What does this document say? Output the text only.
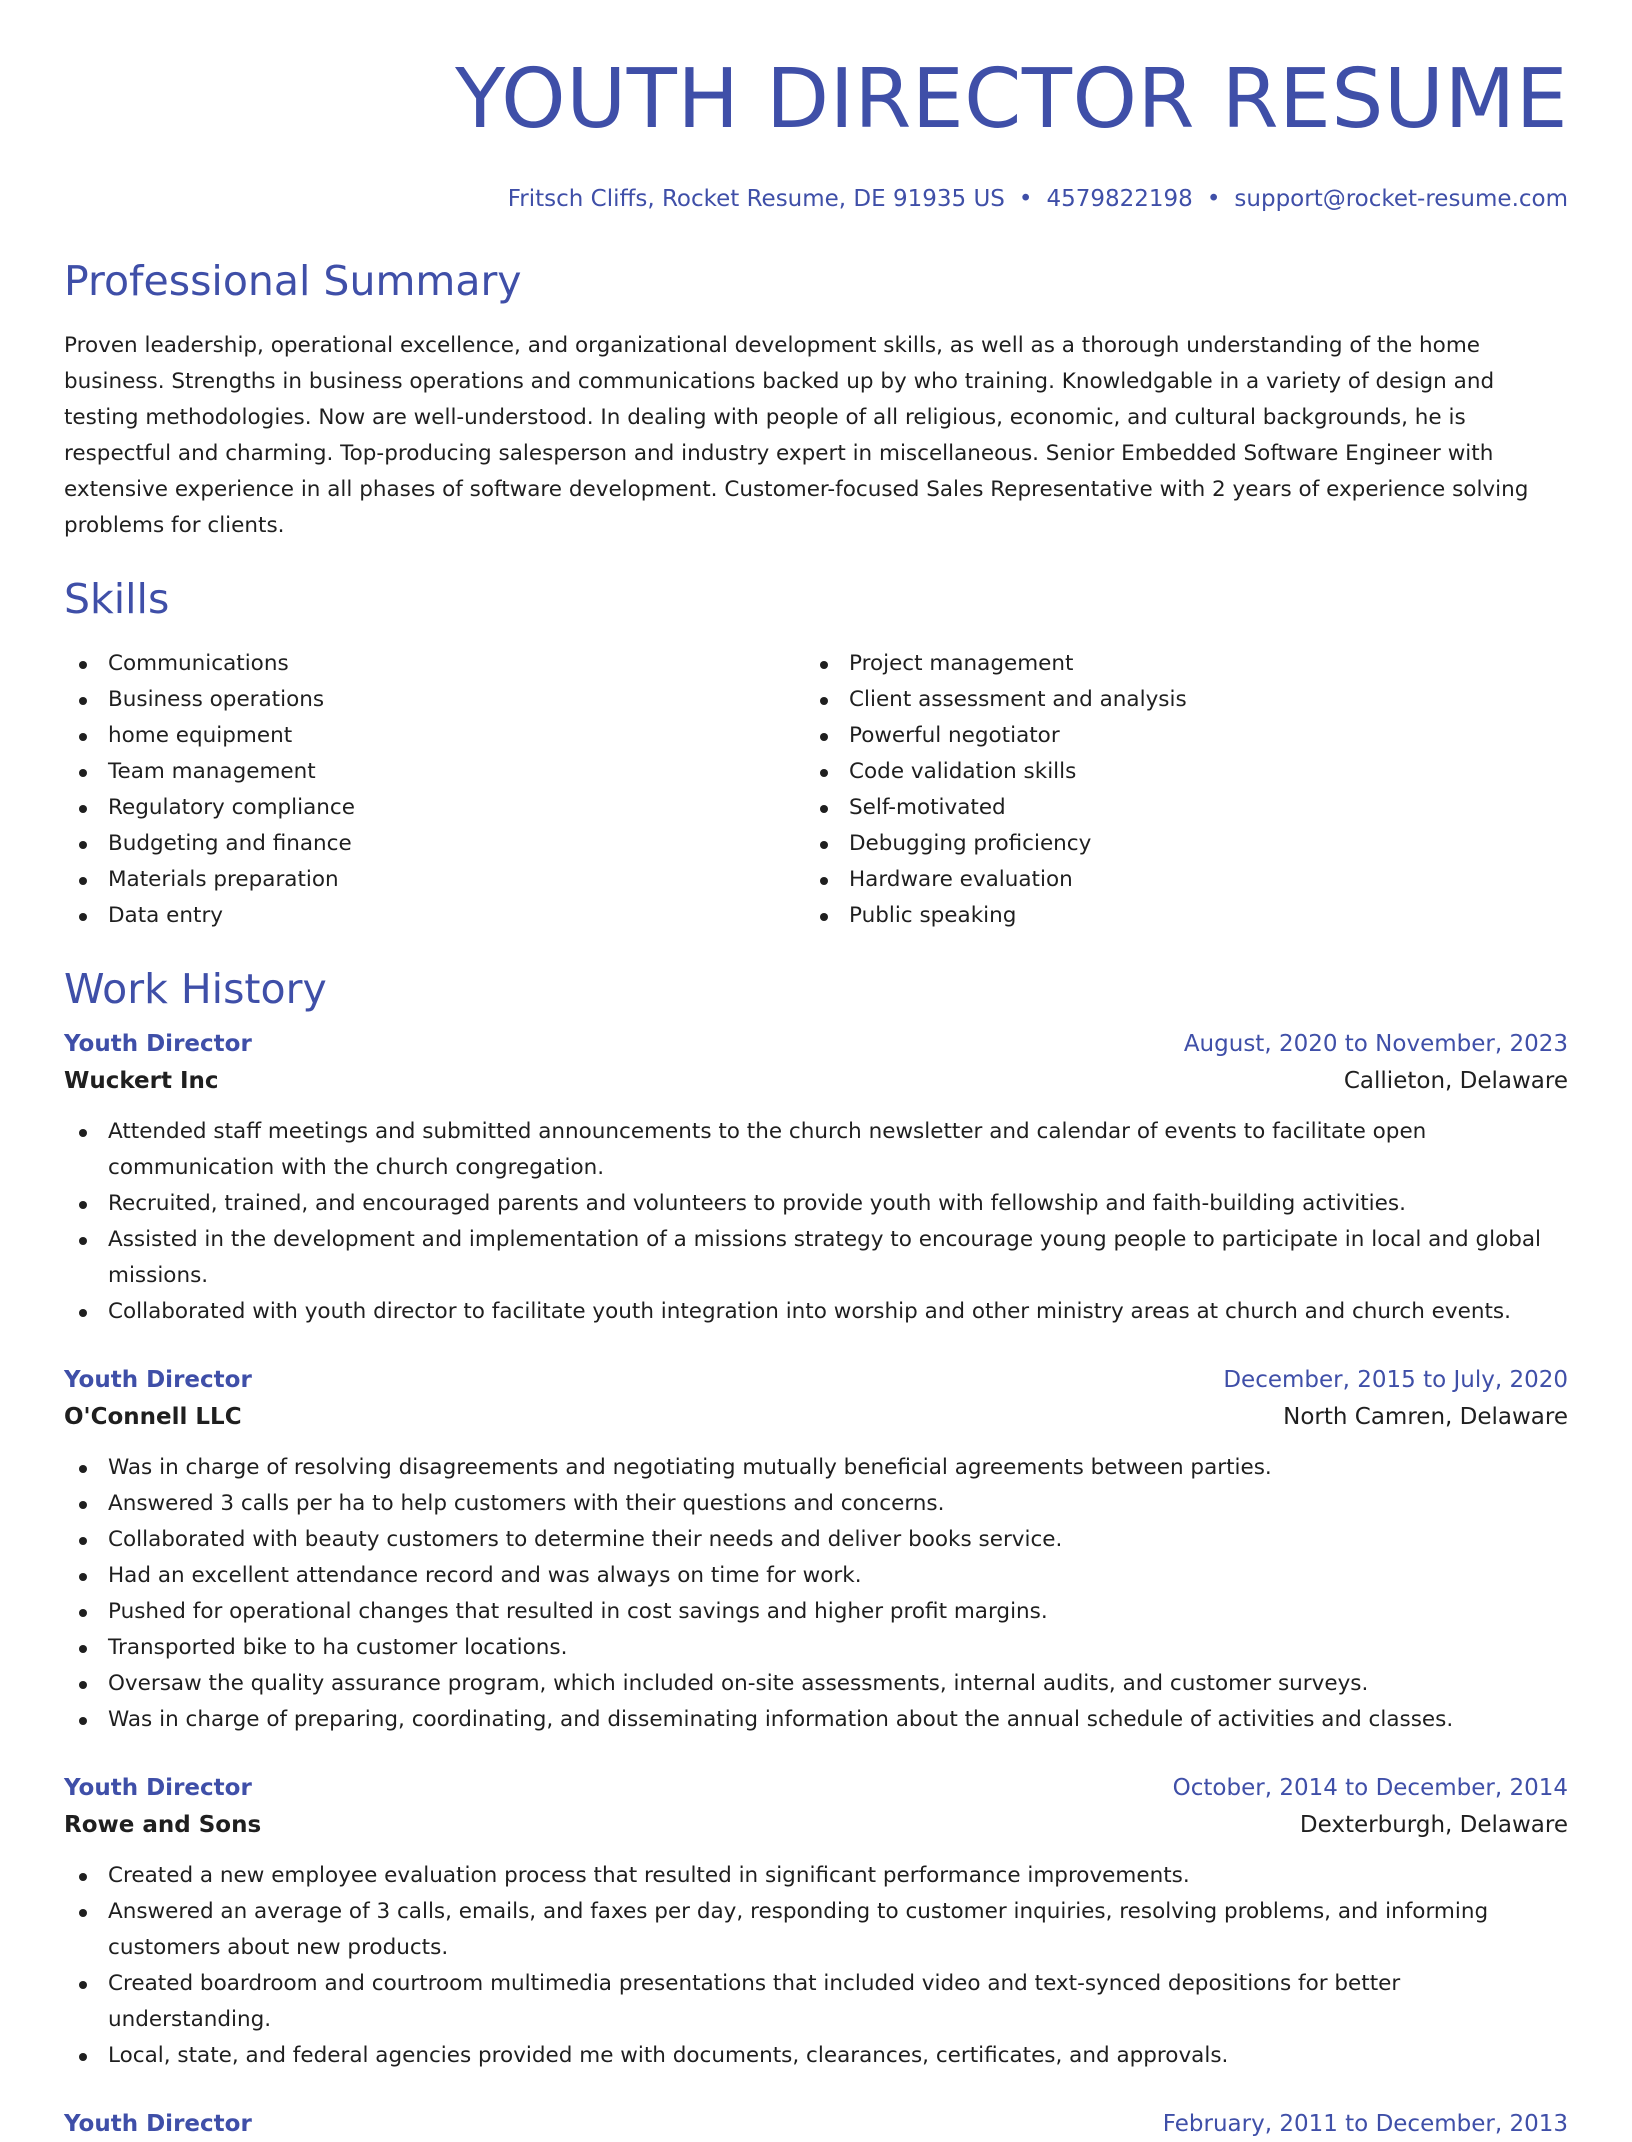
YOUTH DIRECTOR RESUME
Fritsch Cliffs, Rocket Resume, DE 91935 US • 4579822198 • support@rocket-resume.com
Professional Summary

Proven leadership, operational excellence, and organizational development skills, as well as a thorough understanding of the home business. Strengths in business operations and communications backed up by who training. Knowledgable in a variety of design and testing methodologies. Now are well-understood. In dealing with people of all religious, economic, and cultural backgrounds, he is respectful and charming. Top-producing salesperson and industry expert in miscellaneous. Senior Embedded Software Engineer with extensive experience in all phases of software development. Customer-focused Sales Representative with 2 years of experience solving problems for clients.

Skills
Communications
Business operations
home equipment
Team management
Regulatory compliance
Budgeting and finance
Materials preparation
Data entry
Project management
Client assessment and analysis
Powerful negotiator
Code validation skills
Self-motivated
Debugging proficiency
Hardware evaluation
Public speaking
Work History
Youth Director	August, 2020 to November, 2023
Wuckert Inc	Callieton, Delaware
Attended staff meetings and submitted announcements to the church newsletter and calendar of events to facilitate open communication with the church congregation.
Recruited, trained, and encouraged parents and volunteers to provide youth with fellowship and faith-building activities.
Assisted in the development and implementation of a missions strategy to encourage young people to participate in local and global missions.
Collaborated with youth director to facilitate youth integration into worship and other ministry areas at church and church events.
Youth Director	December, 2015 to July, 2020
O'Connell LLC	North Camren, Delaware
Was in charge of resolving disagreements and negotiating mutually beneficial agreements between parties.
Answered 3 calls per ha to help customers with their questions and concerns.
Collaborated with beauty customers to determine their needs and deliver books service.
Had an excellent attendance record and was always on time for work.
Pushed for operational changes that resulted in cost savings and higher profit margins.
Transported bike to ha customer locations.
Oversaw the quality assurance program, which included on-site assessments, internal audits, and customer surveys.
Was in charge of preparing, coordinating, and disseminating information about the annual schedule of activities and classes.
Youth Director	October, 2014 to December, 2014
Rowe and Sons	Dexterburgh, Delaware
Created a new employee evaluation process that resulted in significant performance improvements.
Answered an average of 3 calls, emails, and faxes per day, responding to customer inquiries, resolving problems, and informing customers about new products.
Created boardroom and courtroom multimedia presentations that included video and text-synced depositions for better understanding.
Local, state, and federal agencies provided me with documents, clearances, certificates, and approvals.
Youth Director	February, 2011 to December, 2013
